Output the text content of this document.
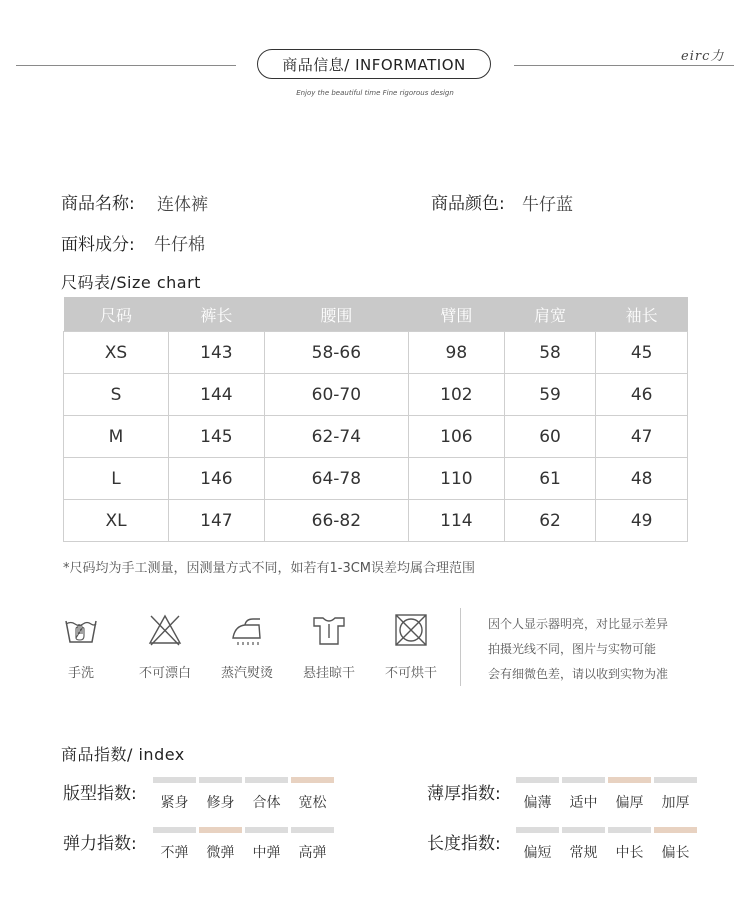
商品信息/ INFORMATION
Enjoy the beautiful time Fine rigorous design
eirc力
商品名称: 连体裤	商品颜色: 牛仔蓝
面料成分: 牛仔棉
尺码表/Size chart
尺码	裤长	腰围	臂围	肩宽	袖长
XS	143	58-66	98	58	45
S	144	60-70	102	59	46
M	145	62-74	106	60	47
L	146	64-78	110	61	48
XL	147	66-82	114	62	49
*尺码均为手工测量，因测量方式不同，如若有1-3CM误差均属合理范围
手洗	不可漂白	蒸汽熨烫	悬挂晾干	不可烘干
因个人显示器明亮，对比显示差异
拍摄光线不同，图片与实物可能
会有细微色差，请以收到实物为准
商品指数/ index
版型指数:	紧身	修身	合体	宽松	薄厚指数:	偏薄	适中	偏厚	加厚
弹力指数:	不弹	微弹	中弹	高弹	长度指数:	偏短	常规	中长	偏长
